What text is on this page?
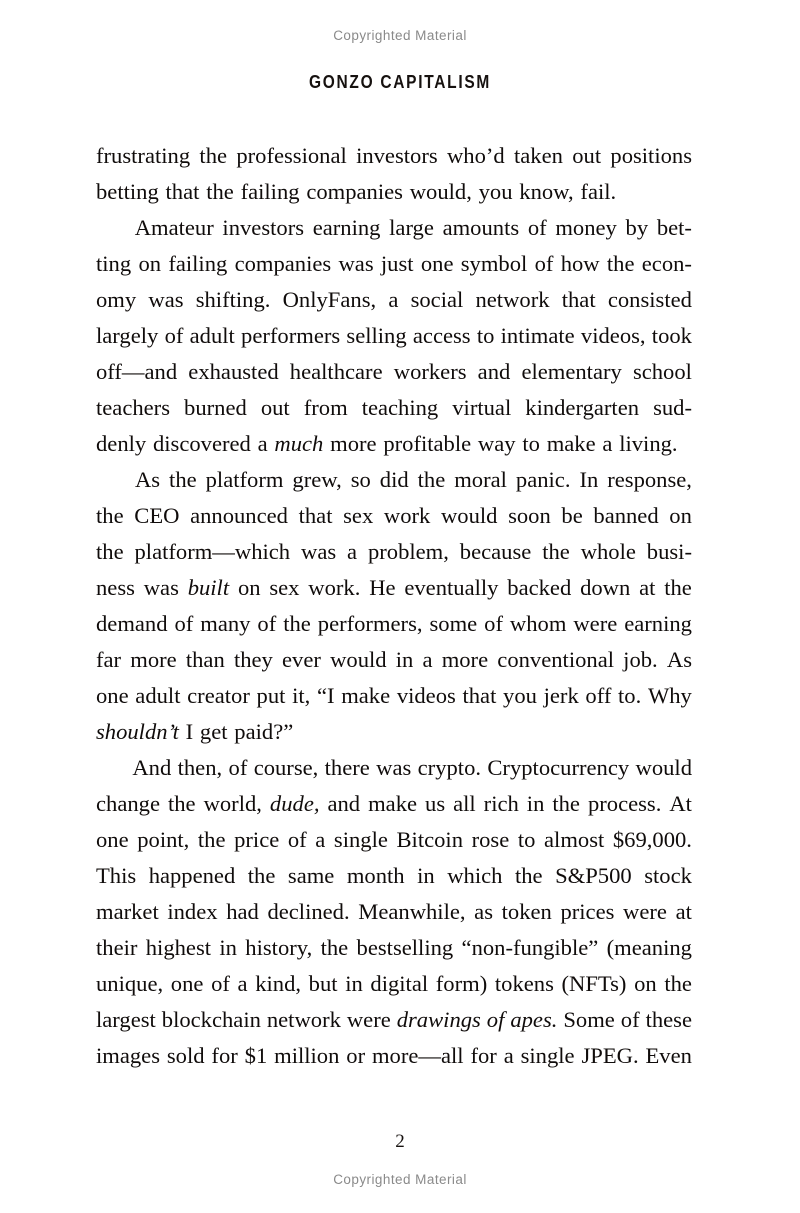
Copyrighted Material
GONZO CAPITALISM
frustrating the professional investors who’d taken out positions
betting that the failing companies would, you know, fail.
Amateur investors earning large amounts of money by bet-
ting on failing companies was just one symbol of how the econ-
omy was shifting. OnlyFans, a social network that consisted
largely of adult performers selling access to intimate videos, took
off—and exhausted healthcare workers and elementary school
teachers burned out from teaching virtual kindergarten sud-
denly discovered a much more profitable way to make a living.
As the platform grew, so did the moral panic. In response,
the CEO announced that sex work would soon be banned on
the platform—which was a problem, because the whole busi-
ness was built on sex work. He eventually backed down at the
demand of many of the performers, some of whom were earning
far more than they ever would in a more conventional job. As
one adult creator put it, “I make videos that you jerk off to. Why
shouldn’t I get paid?”
And then, of course, there was crypto. Cryptocurrency would
change the world, dude, and make us all rich in the process. At
one point, the price of a single Bitcoin rose to almost $69,000.
This happened the same month in which the S&P500 stock
market index had declined. Meanwhile, as token prices were at
their highest in history, the bestselling “non-fungible” (meaning
unique, one of a kind, but in digital form) tokens (NFTs) on the
largest blockchain network were drawings of apes. Some of these
images sold for $1 million or more—all for a single JPEG. Even
2
Copyrighted Material
